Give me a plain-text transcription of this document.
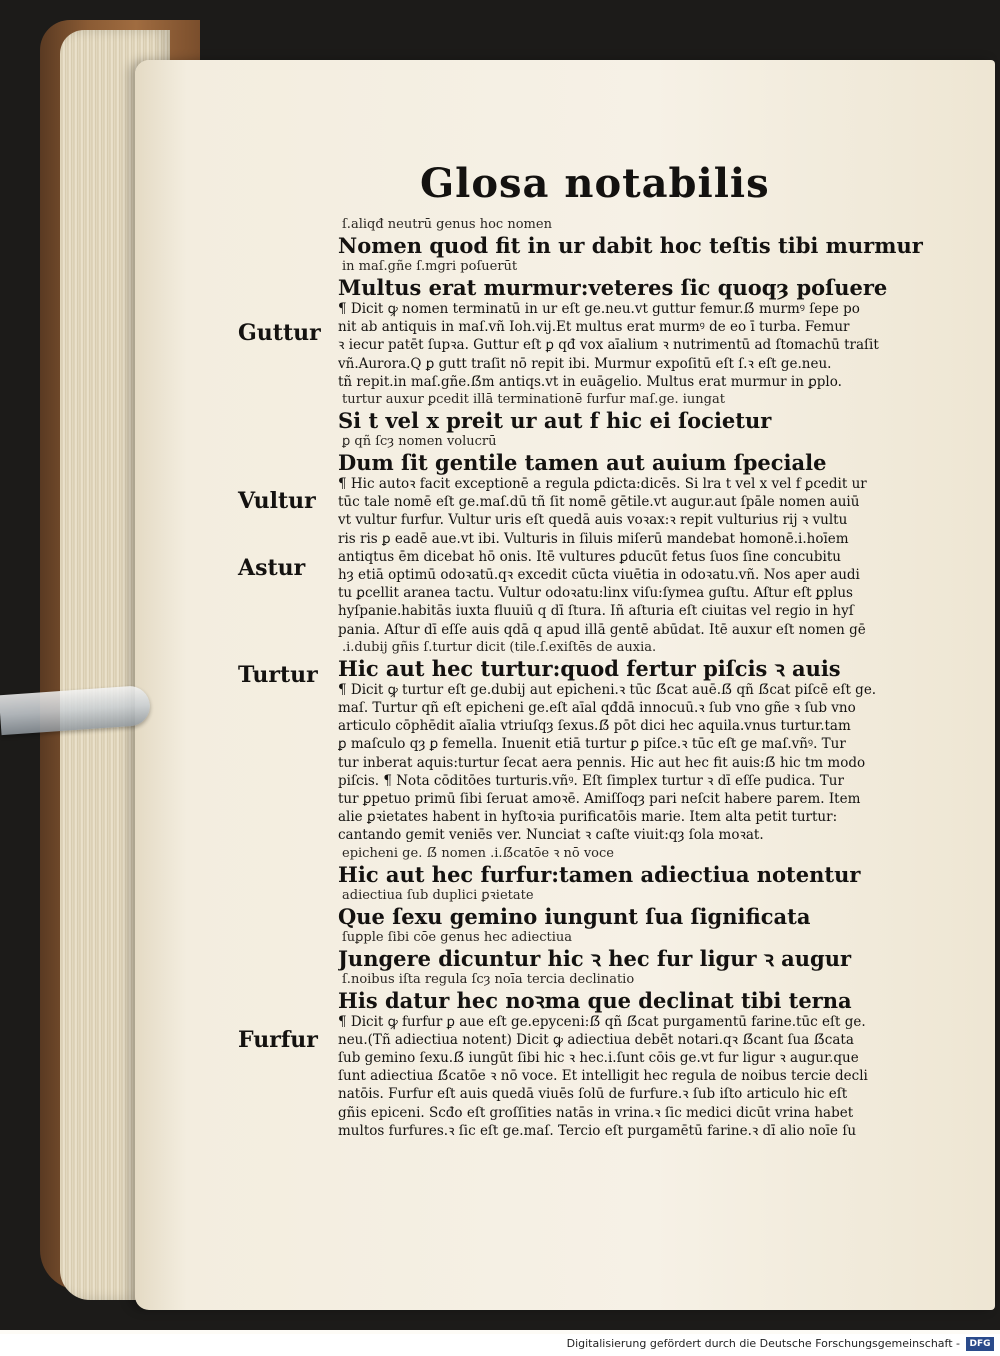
Glosa notabilis
Guttur
Vultur
Astur
Turtur
Furfur
ſ.aliqđ neutrū genus hoc nomen
Nomen quod fit in ur dabit hoc teſtis tibi murmur
in maſ.gñe ſ.mgri poſuerūt
Multus erat murmur:veteres ſic quoqȝ poſuere
¶ Dicit ꝙ nomen terminatū in ur eſt ge.neu.vt guttur femur.ẞ murmꝰ ſepe po
nit ab antiquis in maſ.vñ Ioh.vij.Et multus erat murmꝰ de eo ī turba. Femur
ꝛ iecur patēt ſupꝛa. Guttur eſt ꝑ qđ vox aīalium ꝛ nutrimentū ad ſtomachū traſit
vñ.Aurora.Q ꝑ gutt traſit nō repit ibi. Murmur expoſitū eſt ſ.ꝛ eſt ge.neu.
tñ repit.in maſ.gñe.ẞm antiqs.vt in euāgelio. Multus erat murmur in ꝑplo.
turtur auxur ꝑcedit illā terminationē furfur maſ.ge. iungat
Si t vel x preit ur aut f hic ei ſocietur
ꝑ qñ ſcȝ nomen volucrū
Dum ſit gentile tamen aut auium ſpeciale
¶ Hic autoꝛ facit exceptionē a regula ꝑdicta:dicēs. Si lra t vel x vel f ꝑcedit ur
tūc tale nomē eſt ge.maſ.dū tñ ſit nomē gētile.vt augur.aut ſpāle nomen auiū
vt vultur furfur. Vultur uris eſt quedā auis voꝛax:ꝛ repit vulturius rij ꝛ vultu
ris ris ꝑ eadē aue.vt ibi. Vulturis in ſiluis miſerū mandebat homonē.i.hoīem
antiqtus ēm dicebat hō onis. Itē vultures ꝑducūt fetus ſuos ſine concubitu
hȝ etiā optimū odoꝛatū.qꝛ excedit cūcta viuētia in odoꝛatu.vñ. Nos aper audi
tu ꝑcellit aranea tactu. Vultur odoꝛatu:linx viſu:ſymea guſtu. Aſtur eſt ꝑplus
hyſpanie.habitās iuxta fluuiū q dī ſtura. Iñ aſturia eſt ciuitas vel regio in hyſ
pania. Aſtur dī eſſe auis qdā q apud illā gentē abūdat. Itē auxur eſt nomen gē
.i.dubij gñis ſ.turtur dicit (tile.ſ.exiſtēs de auxia.
Hic aut hec turtur:quod fertur piſcis ꝛ auis
¶ Dicit ꝙ turtur eſt ge.dubij aut epicheni.ꝛ tūc ẞcat auē.ẞ qñ ẞcat piſcē eſt ge.
maſ. Turtur qñ eſt epicheni ge.eſt aīal qđdā innocuū.ꝛ ſub vno gñe ꝛ ſub vno
articulo cōphēdit aīalia vtriuſqȝ ſexus.ẞ pōt dici hec aquila.vnus turtur.tam
ꝑ maſculo qȝ ꝑ femella. Inuenit etiā turtur ꝑ piſce.ꝛ tūc eſt ge maſ.vñꝰ. Tur
tur inberat aquis:turtur ſecat aera pennis. Hic aut hec fit auis:ẞ hic tm modo
piſcis. ¶ Nota cōditōes turturis.vñꝰ. Eſt ſimplex turtur ꝛ dī eſſe pudica. Tur
tur ꝑpetuo primū ſibi ſeruat amoꝛē. Amiſſoqȝ pari neſcit habere parem. Item
alie ꝑꝛietates habent in hyſtoꝛia purificatōis marie. Item alta petit turtur:
cantando gemit veniēs ver. Nunciat ꝛ caſte viuit:qȝ ſola moꝛat.
epicheni ge. ẞ nomen .i.ẞcatōe ꝛ nō voce
Hic aut hec furfur:tamen adiectiua notentur
adiectiua ſub duplici ꝑꝛietate
Que ſexu gemino iungunt ſua ſignificata
ſuꝑple ſibi cōe genus hec adiectiua
Jungere dicuntur hic ꝛ hec fur ligur ꝛ augur
ſ.noibus iſta regula ſcȝ noīa tercia declinatio
His datur hec noꝛma que declinat tibi terna
¶ Dicit ꝙ furfur ꝑ aue eſt ge.epyceni:ẞ qñ ẞcat purgamentū farine.tūc eſt ge.
neu.(Tñ adiectiua notent) Dicit ꝙ adiectiua debēt notari.qꝛ ẞcant ſua ẞcata
ſub gemino ſexu.ẞ iungūt ſibi hic ꝛ hec.i.ſunt cōis ge.vt fur ligur ꝛ augur.que
ſunt adiectiua ẞcatōe ꝛ nō voce. Et intelligit hec regula de noibus tercie decli
natōis. Furfur eſt auis quedā viuēs ſolū de furfure.ꝛ ſub iſto articulo hic eſt
gñis epiceni. Scđo eſt groſſities natās in vrina.ꝛ ſic medici dicūt vrina habet
multos furfures.ꝛ ſic eſt ge.maſ. Tercio eſt purgamētū farine.ꝛ dī alio noīe ſu
Digitalisierung gefördert durch die Deutsche Forschungsgemeinschaft -	DFG
